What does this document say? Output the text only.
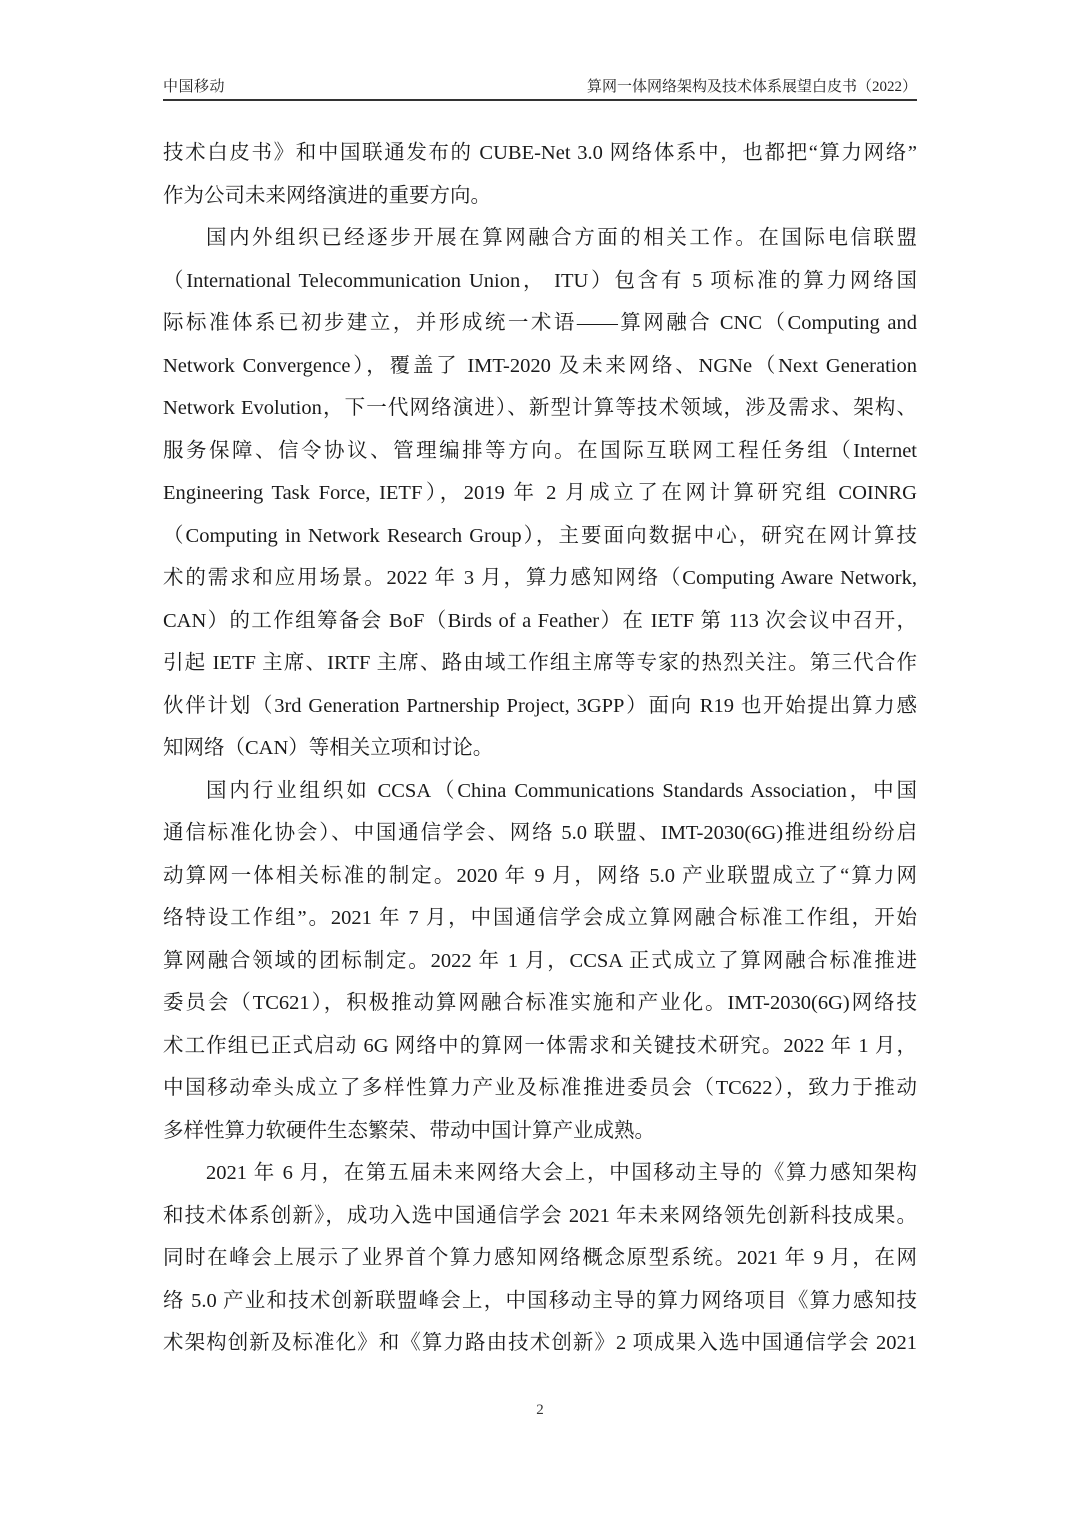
中国移动	算网一体网络架构及技术体系展望白皮书（2022）
技术白皮书》和中国联通发布的 CUBE-Net 3.0 网络体系中，也都把“算力网络”
作为公司未来网络演进的重要方向。
国内外组织已经逐步开展在算网融合方面的相关工作。在国际电信联盟
（International Telecommunication Union， ITU）包含有 5 项标准的算力网络国
际标准体系已初步建立，并形成统一术语——算网融合 CNC（Computing and
Network Convergence），覆盖了 IMT-2020 及未来网络、NGNe（Next Generation
Network Evolution，下一代网络演进）、新型计算等技术领域，涉及需求、架构、
服务保障、信令协议、管理编排等方向。在国际互联网工程任务组（Internet
Engineering Task Force, IETF），2019 年 2 月成立了在网计算研究组 COINRG
（Computing in Network Research Group），主要面向数据中心，研究在网计算技
术的需求和应用场景。2022 年 3 月，算力感知网络（Computing Aware Network,
CAN）的工作组筹备会 BoF（Birds of a Feather）在 IETF 第 113 次会议中召开，
引起 IETF 主席、IRTF 主席、路由域工作组主席等专家的热烈关注。第三代合作
伙伴计划（3rd Generation Partnership Project, 3GPP）面向 R19 也开始提出算力感
知网络（CAN）等相关立项和讨论。
国内行业组织如 CCSA（China Communications Standards Association，中国
通信标准化协会）、中国通信学会、网络 5.0 联盟、IMT-2030(6G)推进组纷纷启
动算网一体相关标准的制定。2020 年 9 月，网络 5.0 产业联盟成立了“算力网
络特设工作组”。2021 年 7 月，中国通信学会成立算网融合标准工作组，开始
算网融合领域的团标制定。2022 年 1 月，CCSA 正式成立了算网融合标准推进
委员会（TC621），积极推动算网融合标准实施和产业化。IMT-2030(6G)网络技
术工作组已正式启动 6G 网络中的算网一体需求和关键技术研究。2022 年 1 月，
中国移动牵头成立了多样性算力产业及标准推进委员会（TC622），致力于推动
多样性算力软硬件生态繁荣、带动中国计算产业成熟。
2021 年 6 月，在第五届未来网络大会上，中国移动主导的《算力感知架构
和技术体系创新》，成功入选中国通信学会 2021 年未来网络领先创新科技成果。
同时在峰会上展示了业界首个算力感知网络概念原型系统。2021 年 9 月，在网
络 5.0 产业和技术创新联盟峰会上，中国移动主导的算力网络项目《算力感知技
术架构创新及标准化》和《算力路由技术创新》2 项成果入选中国通信学会 2021
2
